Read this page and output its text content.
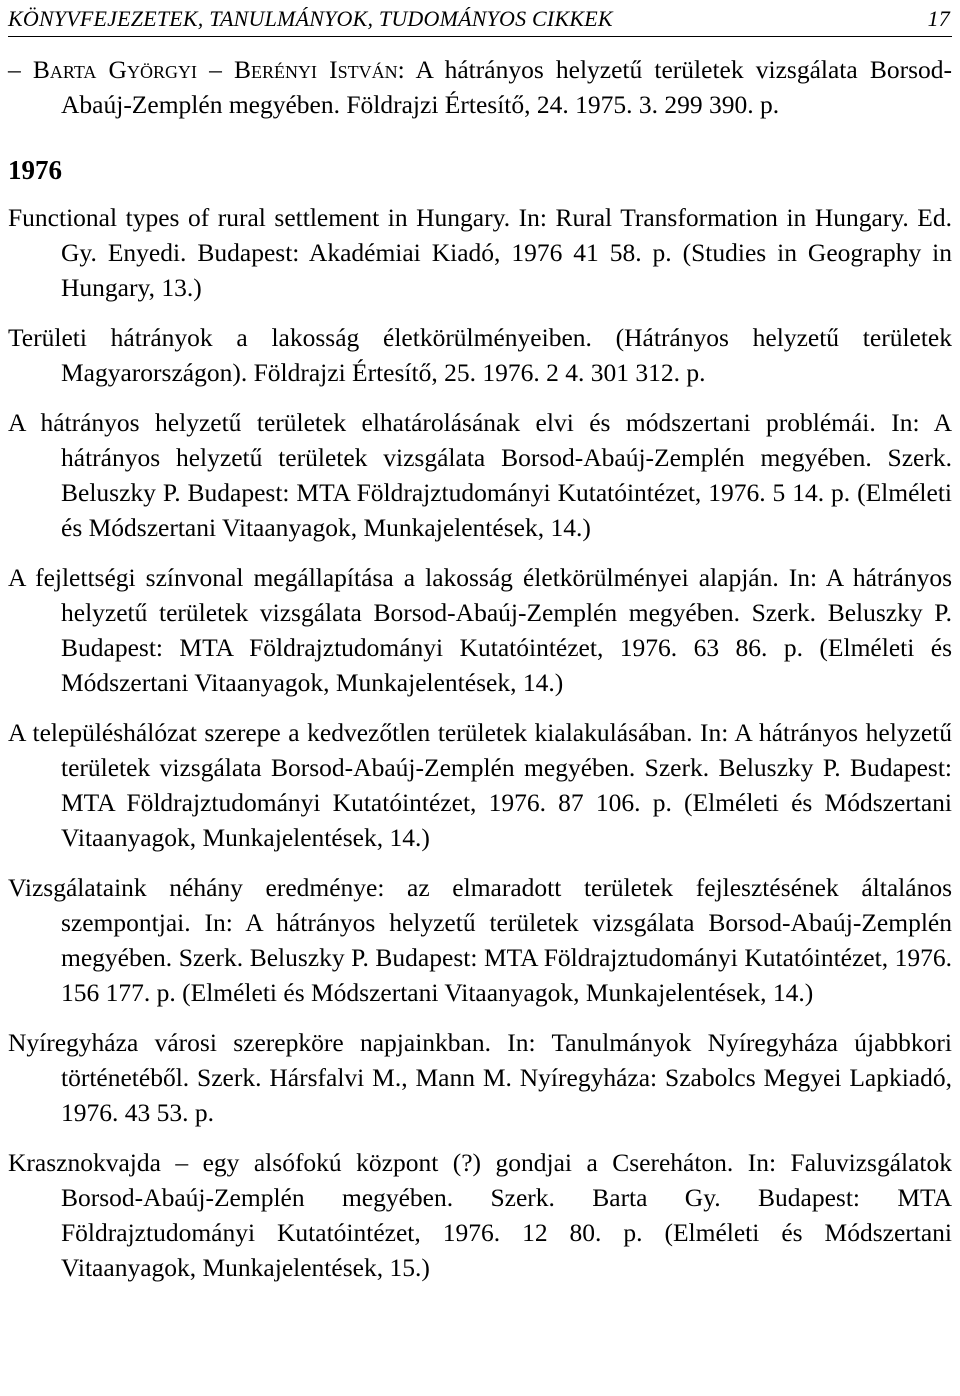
KÖNYVFEJEZETEK, TANULMÁNYOK, TUDOMÁNYOS CIKKEK	17

– Barta Györgyi – Berényi István: A hátrányos helyzetű területek vizsgálata Borsod-Abaúj-Zemplén megyében. Földrajzi Értesítő, 24. 1975. 3. 299 390. p.

1976

Functional types of rural settlement in Hungary. In: Rural Transformation in Hungary. Ed. Gy. Enyedi. Budapest: Akadémiai Kiadó, 1976 41 58. p. (Studies in Geography in Hungary, 13.)

Területi hátrányok a lakosság életkörülményeiben. (Hátrányos helyzetű területek Magyarországon). Földrajzi Értesítő, 25. 1976. 2 4. 301 312. p.

A hátrányos helyzetű területek elhatárolásának elvi és módszertani problémái. In: A hátrányos helyzetű területek vizsgálata Borsod-Abaúj-Zemplén megyében. Szerk. Beluszky P. Budapest: MTA Földrajztudományi Kutatóintézet, 1976. 5 14. p. (Elméleti és Módszertani Vitaanyagok, Munkajelentések, 14.)

A fejlettségi színvonal megállapítása a lakosság életkörülményei alapján. In: A hátrányos helyzetű területek vizsgálata Borsod-Abaúj-Zemplén megyében. Szerk. Beluszky P. Budapest: MTA Földrajztudományi Kutatóintézet, 1976. 63 86. p. (Elméleti és Módszertani Vitaanyagok, Munkajelentések, 14.)

A településhálózat szerepe a kedvezőtlen területek kialakulásában. In: A hátrányos helyzetű területek vizsgálata Borsod-Abaúj-Zemplén megyében. Szerk. Beluszky P. Budapest: MTA Földrajztudományi Kutatóintézet, 1976. 87 106. p. (Elméleti és Módszertani Vitaanyagok, Munkajelentések, 14.)

Vizsgálataink néhány eredménye: az elmaradott területek fejlesztésének általános szempontjai. In: A hátrányos helyzetű területek vizsgálata Borsod-Abaúj-Zemplén megyében. Szerk. Beluszky P. Budapest: MTA Földrajztudományi Kutatóintézet, 1976. 156 177. p. (Elméleti és Módszertani Vitaanyagok, Munkajelentések, 14.)

Nyíregyháza városi szerepköre napjainkban. In: Tanulmányok Nyíregyháza újabbkori történetéből. Szerk. Hársfalvi M., Mann M. Nyíregyháza: Szabolcs Megyei Lapkiadó, 1976. 43 53. p.

Krasznokvajda – egy alsófokú központ (?) gondjai a Csereháton. In: Faluvizsgálatok Borsod-Abaúj-Zemplén megyében. Szerk. Barta Gy. Budapest: MTA Földrajztudományi Kutatóintézet, 1976. 12 80. p. (Elméleti és Módszertani Vitaanyagok, Munkajelentések, 15.)
